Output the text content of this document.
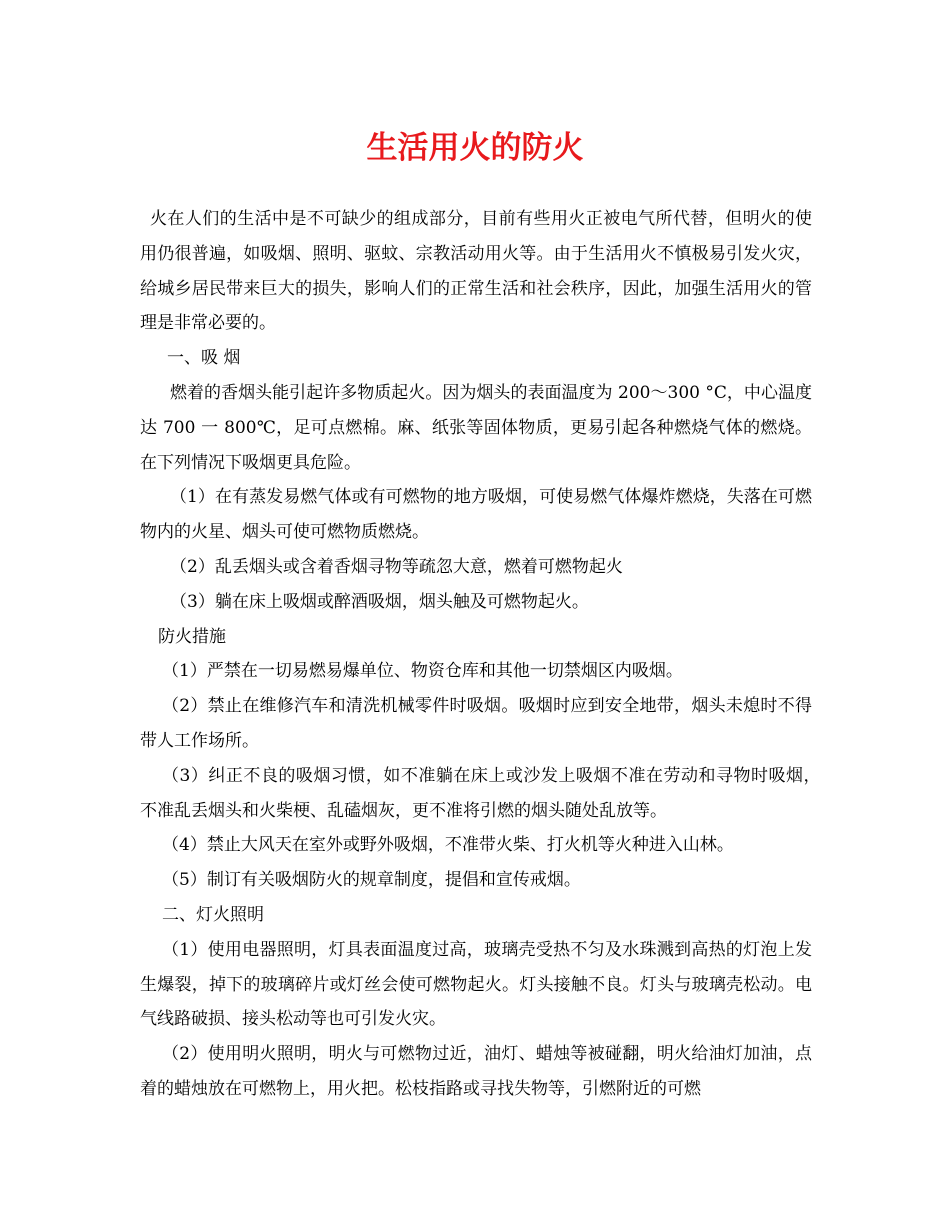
生活用火的防火

火在人们的生活中是不可缺少的组成部分，目前有些用火正被电气所代替，但明火的使用仍很普遍，如吸烟、照明、驱蚊、宗教活动用火等。由于生活用火不慎极易引发火灾，给城乡居民带来巨大的损失，影响人们的正常生活和社会秩序，因此，加强生活用火的管理是非常必要的。

一、吸 烟

燃着的香烟头能引起许多物质起火。因为烟头的表面温度为 200～300 °C，中心温度达 700 一 800℃，足可点燃棉。麻、纸张等固体物质，更易引起各种燃烧气体的燃烧。在下列情况下吸烟更具危险。

（1）在有蒸发易燃气体或有可燃物的地方吸烟，可使易燃气体爆炸燃烧，失落在可燃物内的火星、烟头可使可燃物质燃烧。

（2）乱丢烟头或含着香烟寻物等疏忽大意，燃着可燃物起火

（3）躺在床上吸烟或醉酒吸烟，烟头触及可燃物起火。

防火措施

（1）严禁在一切易燃易爆单位、物资仓库和其他一切禁烟区内吸烟。

（2）禁止在维修汽车和清洗机械零件时吸烟。吸烟时应到安全地带，烟头未熄时不得带人工作场所。

（3）纠正不良的吸烟习惯，如不准躺在床上或沙发上吸烟不准在劳动和寻物时吸烟，　 不准乱丢烟头和火柴梗、乱磕烟灰，更不准将引燃的烟头随处乱放等。

（4）禁止大风天在室外或野外吸烟，不准带火柴、打火机等火种进入山林。

（5）制订有关吸烟防火的规章制度，提倡和宣传戒烟。

二、灯火照明

（1）使用电器照明，灯具表面温度过高，玻璃壳受热不匀及水珠溅到高热的灯泡上发生爆裂，掉下的玻璃碎片或灯丝会使可燃物起火。灯头接触不良。灯头与玻璃壳松动。电气线路破损、接头松动等也可引发火灾。

（2）使用明火照明，明火与可燃物过近，油灯、蜡烛等被碰翻，明火给油灯加油，点着的蜡烛放在可燃物上，用火把。松枝指路或寻找失物等，引燃附近的可燃
